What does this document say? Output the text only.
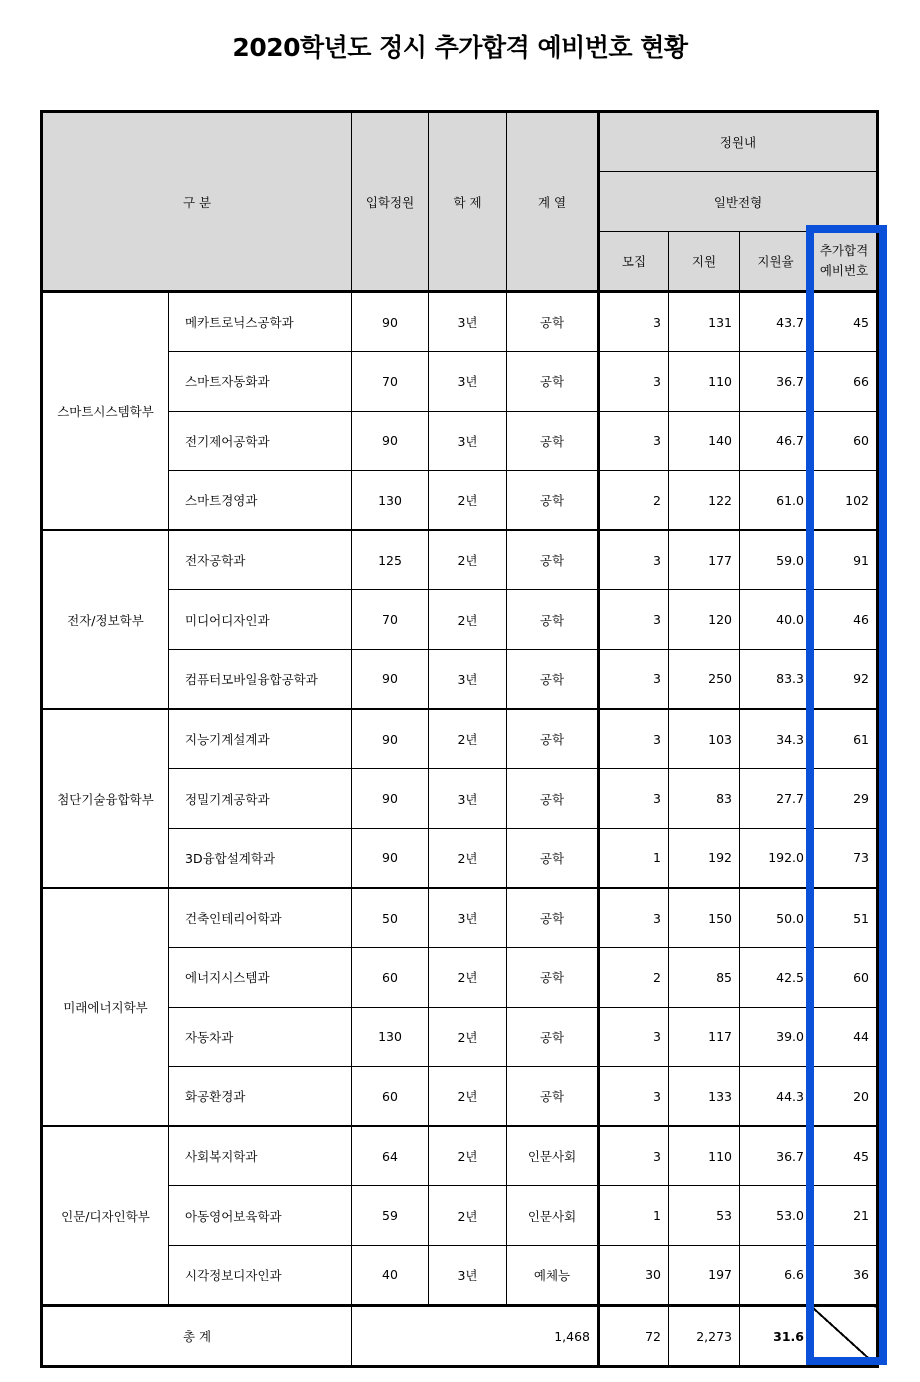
2020학년도 정시 추가합격 예비번호 현황
구 분		입학정원	학 제	계 열	정원내			
					일반전형			
					모집	지원	지원율	추가합격
예비번호
스마트시스템학부	메카트로닉스공학과	90	3년	공학	3	131	43.7	45
	스마트자동화과	70	3년	공학	3	110	36.7	66
	전기제어공학과	90	3년	공학	3	140	46.7	60
	스마트경영과	130	2년	공학	2	122	61.0	102
전자/정보학부	전자공학과	125	2년	공학	3	177	59.0	91
	미디어디자인과	70	2년	공학	3	120	40.0	46
	컴퓨터모바일융합공학과	90	3년	공학	3	250	83.3	92
첨단기술융합학부	지능기계설계과	90	2년	공학	3	103	34.3	61
	정밀기계공학과	90	3년	공학	3	83	27.7	29
	3D융합설계학과	90	2년	공학	1	192	192.0	73
미래에너지학부	건축인테리어학과	50	3년	공학	3	150	50.0	51
	에너지시스템과	60	2년	공학	2	85	42.5	60
	자동차과	130	2년	공학	3	117	39.0	44
	화공환경과	60	2년	공학	3	133	44.3	20
인문/디자인학부	사회복지학과	64	2년	인문사회	3	110	36.7	45
	아동영어보육학과	59	2년	인문사회	1	53	53.0	21
	시각정보디자인과	40	3년	예체능	30	197	6.6	36
총 계		1,468			72	2,273	31.6	
